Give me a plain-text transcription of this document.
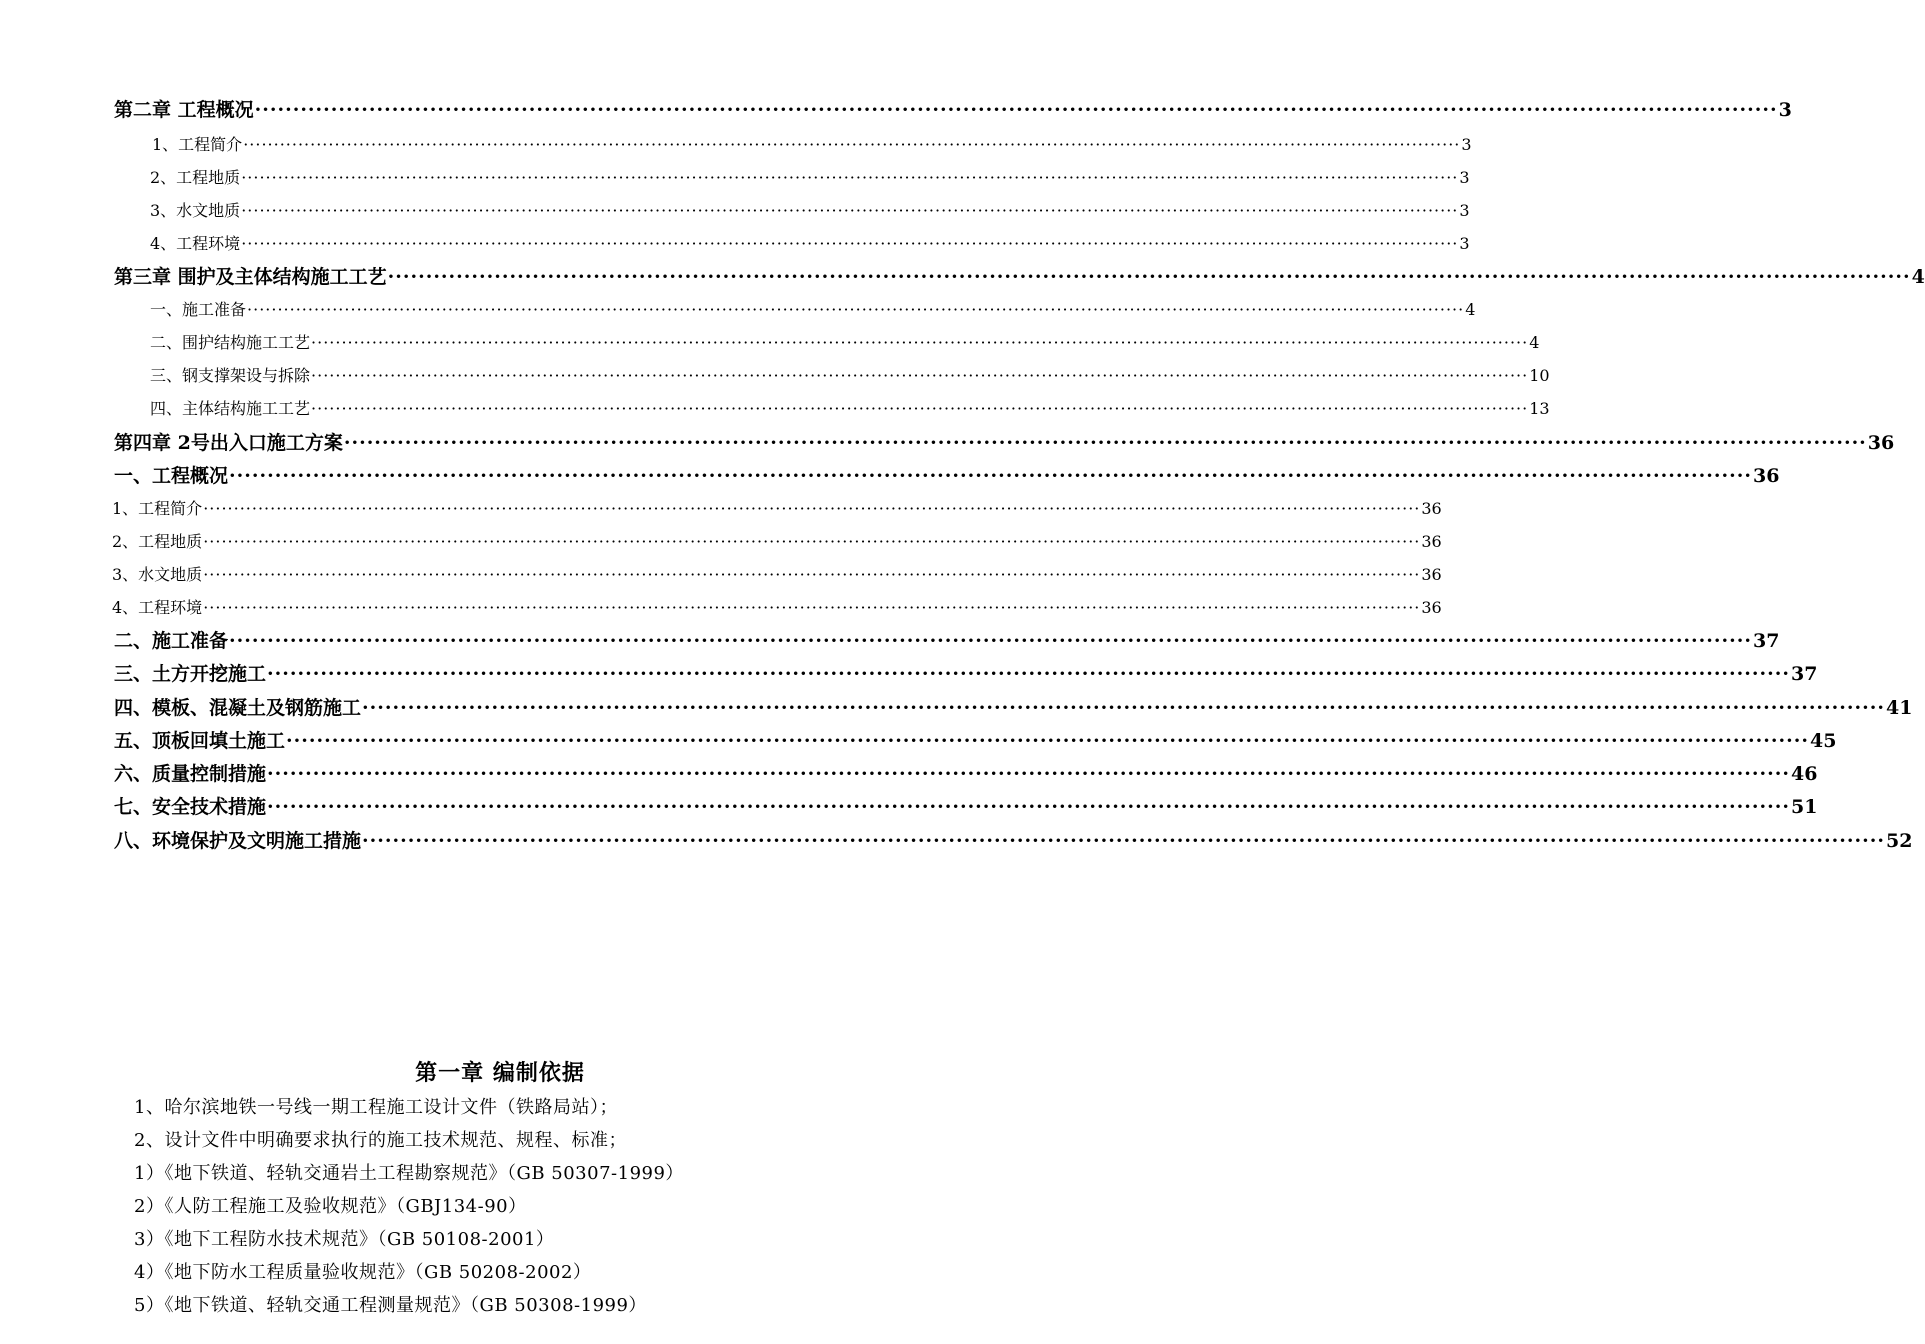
第二章 工程概况 ········································································································································································································ 3
1、工程简介 ········································································································································································································ 3
2、工程地质 ········································································································································································································ 3
3、水文地质 ········································································································································································································ 3
4、工程环境 ········································································································································································································ 3
第三章 围护及主体结构施工工艺 ········································································································································································································ 4
一、施工准备 ········································································································································································································ 4
二、围护结构施工工艺 ········································································································································································································ 4
三、钢支撑架设与拆除 ········································································································································································································ 10
四、主体结构施工工艺 ········································································································································································································ 13
第四章 2号出入口施工方案 ········································································································································································································ 36
一、工程概况 ········································································································································································································ 36
1、工程简介 ········································································································································································································ 36
2、工程地质 ········································································································································································································ 36
3、水文地质 ········································································································································································································ 36
4、工程环境 ········································································································································································································ 36
二、施工准备 ········································································································································································································ 37
三、土方开挖施工 ········································································································································································································ 37
四、模板、混凝土及钢筋施工 ········································································································································································································ 41
五、顶板回填土施工 ········································································································································································································ 45
六、质量控制措施 ········································································································································································································ 46
七、安全技术措施 ········································································································································································································ 51
八、环境保护及文明施工措施 ········································································································································································································ 52
第一章 编制依据
1、哈尔滨地铁一号线一期工程施工设计文件（铁路局站）；
2、设计文件中明确要求执行的施工技术规范、规程、标准；
1）《地下铁道、轻轨交通岩土工程勘察规范》（GB 50307-1999）
2）《人防工程施工及验收规范》（GBJ134-90）
3）《地下工程防水技术规范》（GB 50108-2001）
4）《地下防水工程质量验收规范》（GB 50208-2002）
5）《地下铁道、轻轨交通工程测量规范》（GB 50308-1999）
